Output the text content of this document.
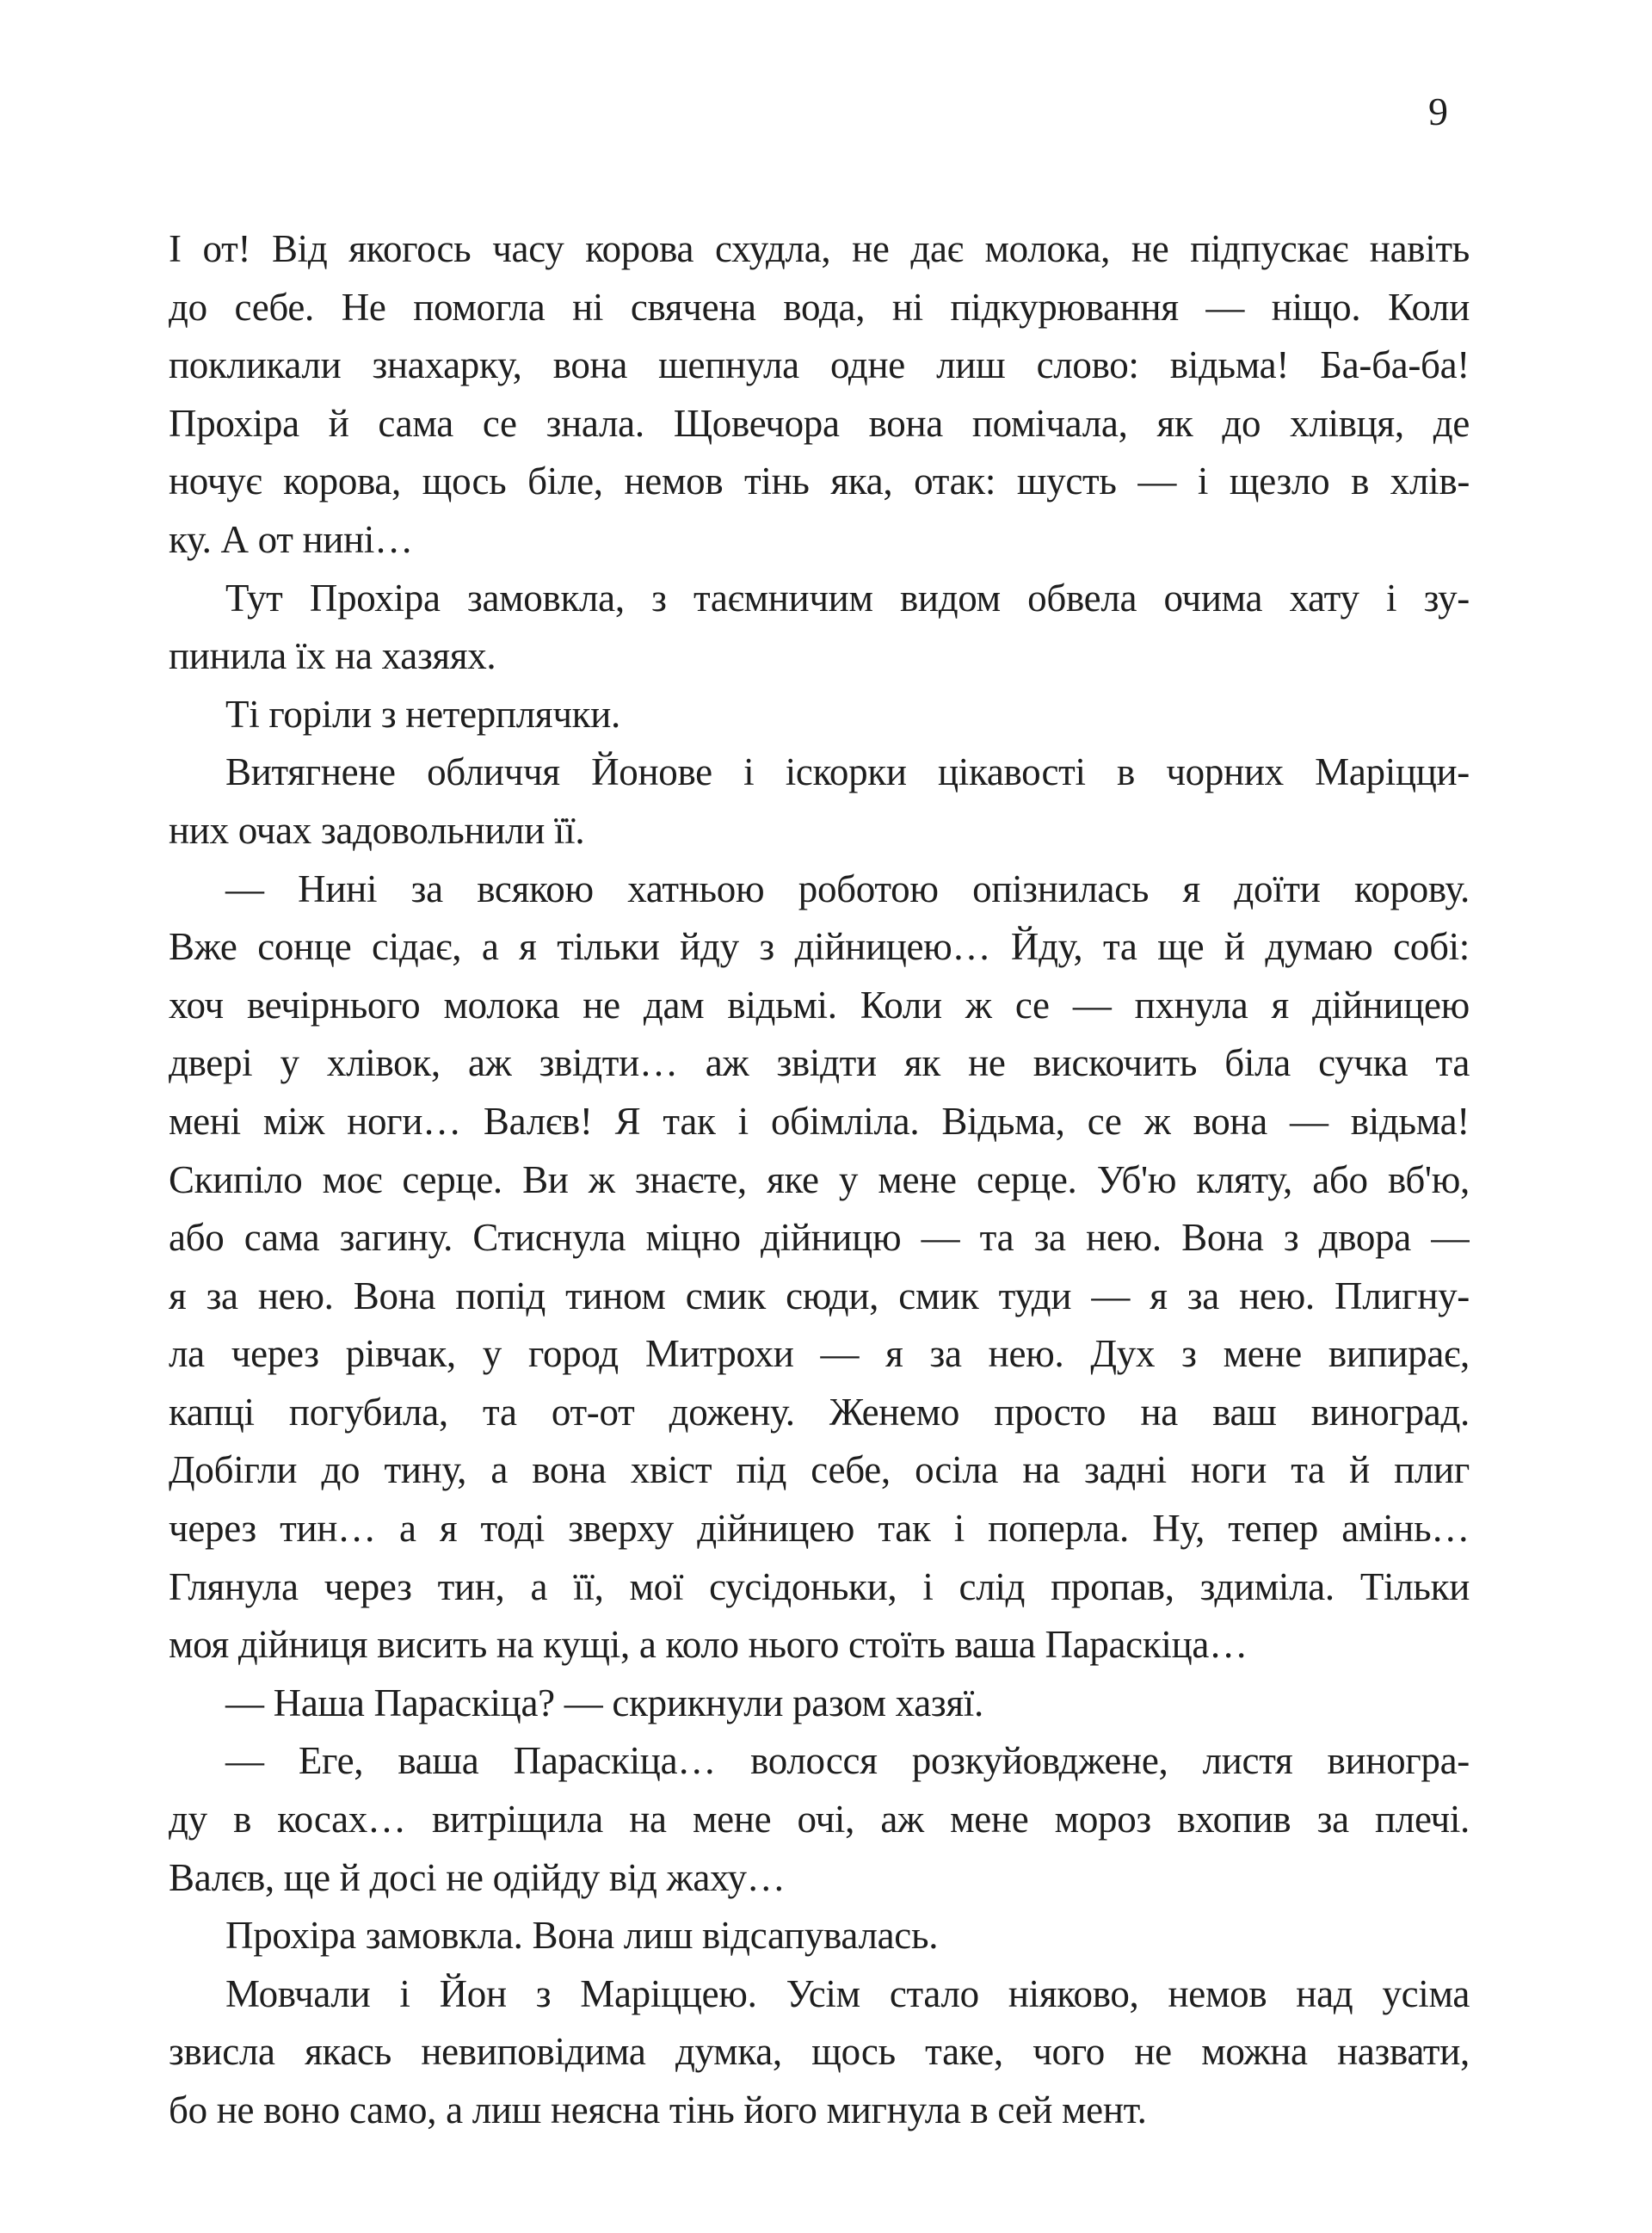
9
І от! Від якогось часу корова схудла, не дає молока, не підпускає навіть
до себе. Не помогла ні свячена вода, ні підкурювання — ніщо. Коли
покликали знахарку, вона шепнула одне лиш слово: відьма! Ба-ба-ба!
Прохіра й сама се знала. Щовечора вона помічала, як до хлівця, де
ночує корова, щось біле, немов тінь яка, отак: шусть — і щезло в хлів-
ку. А от нині…
Тут Прохіра замовкла, з таємничим видом обвела очима хату і зу-
пинила їх на хазяях.
Ті горіли з нетерплячки.
Витягнене обличчя Йонове і іскорки цікавості в чорних Маріцци-
них очах задовольнили її.
— Нині за всякою хатньою роботою опізнилась я доїти корову.
Вже сонце сідає, а я тільки йду з дійницею… Йду, та ще й думаю собі:
хоч вечірнього молока не дам відьмі. Коли ж се — пхнула я дійницею
двері у хлівок, аж звідти… аж звідти як не вискочить біла сучка та
мені між ноги… Валєв! Я так і обімліла. Відьма, се ж вона — відьма!
Скипіло моє серце. Ви ж знаєте, яке у мене серце. Уб'ю кляту, або вб'ю,
або сама загину. Стиснула міцно дійницю — та за нею. Вона з двора —
я за нею. Вона попід тином смик сюди, смик туди — я за нею. Плигну-
ла через рівчак, у город Митрохи — я за нею. Дух з мене випирає,
капці погубила, та от-от дожену. Женемо просто на ваш виноград.
Добігли до тину, а вона хвіст під себе, осіла на задні ноги та й плиг
через тин… а я тоді зверху дійницею так і поперла. Ну, тепер амінь…
Глянула через тин, а її, мої сусідоньки, і слід пропав, здиміла. Тільки
моя дійниця висить на кущі, а коло нього стоїть ваша Параскіца…
— Наша Параскіца? — скрикнули разом хазяї.
— Еге, ваша Параскіца… волосся розкуйовджене, листя виногра-
ду в косах… витріщила на мене очі, аж мене мороз вхопив за плечі.
Валєв, ще й досі не одійду від жаху…
Прохіра замовкла. Вона лиш відсапувалась.
Мовчали і Йон з Маріццею. Усім стало ніяково, немов над усіма
звисла якась невиповідима думка, щось таке, чого не можна назвати,
бо не воно само, а лиш неясна тінь його мигнула в сей мент.
